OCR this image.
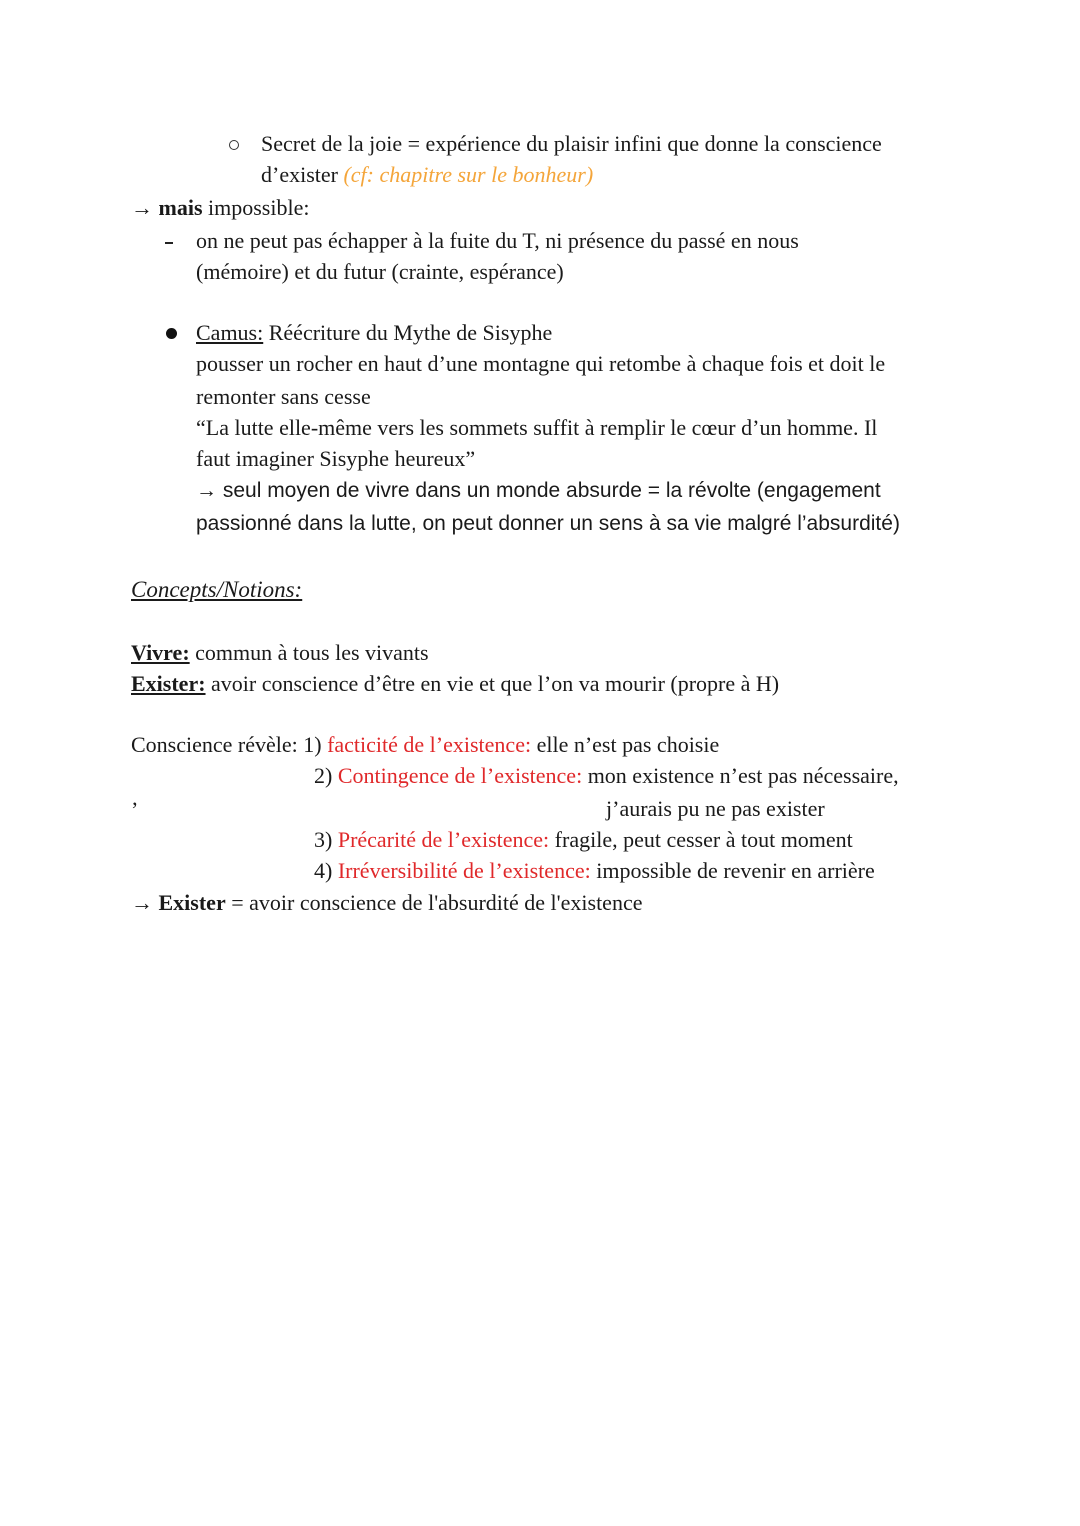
Secret de la joie = expérience du plaisir infini que donne la conscience
d’exister (cf: chapitre sur le bonheur)
→ mais impossible:
on ne peut pas échapper à la fuite du T, ni présence du passé en nous
(mémoire) et du futur (crainte, espérance)
Camus: Réécriture du Mythe de Sisyphe
pousser un rocher en haut d’une montagne qui retombe à chaque fois et doit le
remonter sans cesse
“La lutte elle-même vers les sommets suffit à remplir le cœur d’un homme. Il
faut imaginer Sisyphe heureux”
→ seul moyen de vivre dans un monde absurde = la révolte (engagement
passionné dans la lutte, on peut donner un sens à sa vie malgré l’absurdité)
Concepts/Notions:
Vivre: commun à tous les vivants
Exister: avoir conscience d’être en vie et que l’on va mourir (propre à H)
Conscience révèle: 1) facticité de l’existence: elle n’est pas choisie
2) Contingence de l’existence: mon existence n’est pas nécessaire,
’	j’aurais pu ne pas exister
3) Précarité de l’existence: fragile, peut cesser à tout moment
4) Irréversibilité de l’existence: impossible de revenir en arrière
→ Exister = avoir conscience de l'absurdité de l'existence
